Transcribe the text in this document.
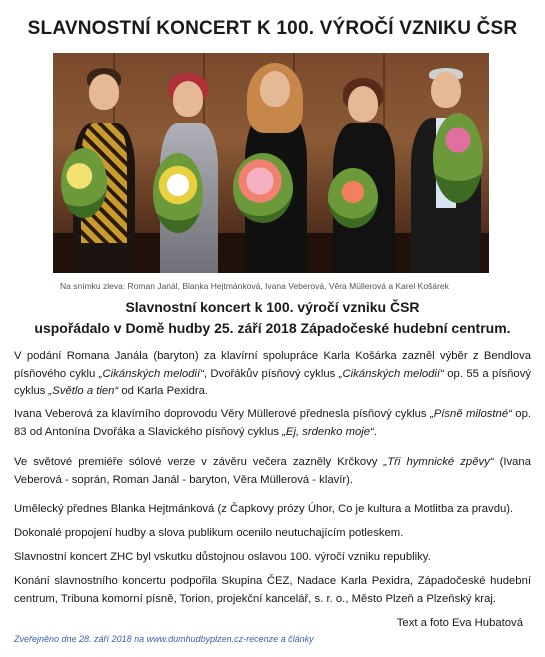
SLAVNOSTNÍ KONCERT K 100. VÝROČÍ VZNIKU ČSR

Na snímku zleva: Roman Janál, Blanka Hejtmánková, Ivana Veberová, Věra Müllerová a Karel Košárek

Slavnostní koncert k 100. výročí vzniku ČSR

uspořádalo v Domě hudby 25. září 2018 Západočeské hudební centrum.

V podání Romana Janála (baryton) za klavírní spolupráce Karla Košárka zazněl výběr z Bendlova písňového cyklu „Cikánských melodií“, Dvořákův písňový cyklus „Cikánských melodií“ op. 55 a písňový cyklus „Světlo a tien“ od Karla Pexidra.

Ivana Veberová za klavírního doprovodu Věry Müllerové přednesla písňový cyklus „Písně milostné“ op. 83 od Antonína Dvořáka a Slavického písňový cyklus „Ej, srdenko moje“.

Ve světové premiéře sólové verze v závěru večera zazněly Krčkovy „Tři hymnické zpěvy“ (Ivana Veberová - soprán, Roman Janál - baryton, Věra Müllerová - klavír).

Umělecký přednes Blanka Hejtmánková (z Čapkovy prózy Úhor, Co je kultura a Motlitba za pravdu).

Dokonalé propojení hudby a slova publikum ocenilo neutuchajícím potleskem.

Slavnostní koncert ZHC byl vskutku důstojnou oslavou 100. výročí vzniku republiky.

Konání slavnostního koncertu podpořila Skupina ČEZ, Nadace Karla Pexidra, Západočeské hudební centrum, Tribuna komorní písně, Torion, projekční kancelář, s. r. o., Město Plzeň a Plzeňský kraj.

Text a foto Eva Hubatová

Zveřejněno dne 28. září 2018 na www.dumhudbyplzen.cz-recenze a články
